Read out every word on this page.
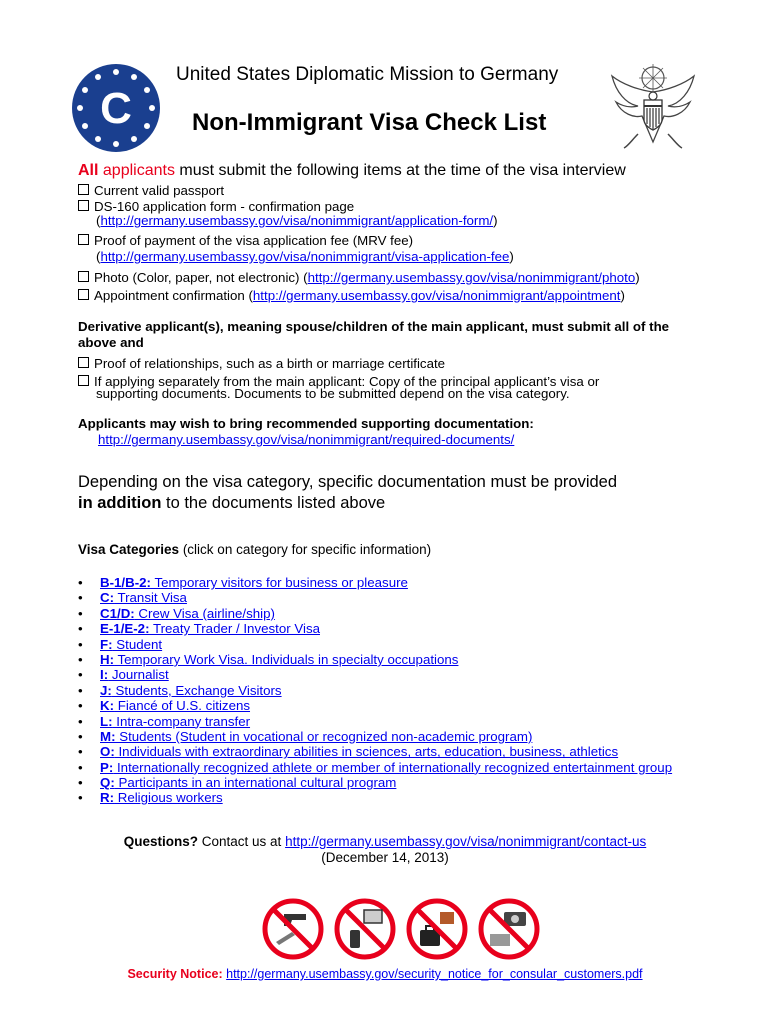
C
United States Diplomatic Mission to Germany
Non-Immigrant Visa Check List
All applicants must submit the following items at the time of the visa interview
Current valid passport
DS-160 application form - confirmation page
(http://germany.usembassy.gov/visa/nonimmigrant/application-form/)
Proof of payment of the visa application fee (MRV fee)
(http://germany.usembassy.gov/visa/nonimmigrant/visa-application-fee)
Photo (Color, paper, not electronic) (http://germany.usembassy.gov/visa/nonimmigrant/photo)
Appointment confirmation (http://germany.usembassy.gov/visa/nonimmigrant/appointment)
Derivative applicant(s), meaning spouse/children of the main applicant, must submit all of the above and
Proof of relationships, such as a birth or marriage certificate
If applying separately from the main applicant: Copy of the principal applicant’s visa or
supporting documents. Documents to be submitted depend on the visa category.
Applicants may wish to bring recommended supporting documentation:
http://germany.usembassy.gov/visa/nonimmigrant/required-documents/
Depending on the visa category, specific documentation must be provided
in addition to the documents listed above
Visa Categories (click on category for specific information)
• B-1/B-2: Temporary visitors for business or pleasure
• C: Transit Visa
• C1/D: Crew Visa (airline/ship)
• E-1/E-2: Treaty Trader / Investor Visa
• F: Student
• H: Temporary Work Visa. Individuals in specialty occupations
• I: Journalist
• J: Students, Exchange Visitors
• K: Fiancé of U.S. citizens
• L: Intra-company transfer
• M: Students (Student in vocational or recognized non-academic program)
• O: Individuals with extraordinary abilities in sciences, arts, education, business, athletics
• P: Internationally recognized athlete or member of internationally recognized entertainment group
• Q: Participants in an international cultural program
• R: Religious workers
Questions? Contact us at http://germany.usembassy.gov/visa/nonimmigrant/contact-us
(December 14, 2013)
Security Notice: http://germany.usembassy.gov/security_notice_for_consular_customers.pdf
